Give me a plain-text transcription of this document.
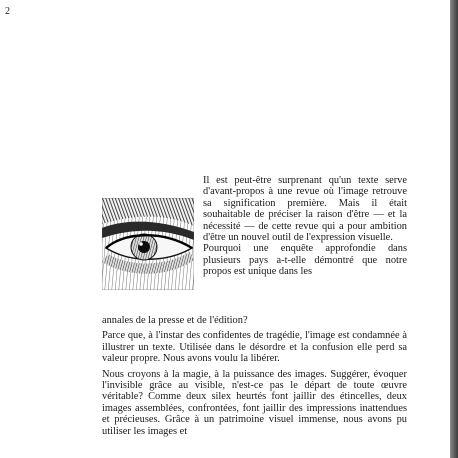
2

Il est peut-être surprenant qu'un texte serve d'avant-propos à une revue où l'image retrouve sa signification première. Mais il était souhaitable de préciser la raison d'être — et la nécessité — de cette revue qui a pour ambition d'être un nouvel outil de l'expression visuelle.

Pourquoi une enquête approfondie dans plusieurs pays a-t-elle démontré que notre propos est unique dans les

annales de la presse et de l'édition?

Parce que, à l'instar des confidentes de tragédie, l'image est condamnée à illustrer un texte. Utilisée dans le désordre et la confusion elle perd sa valeur propre. Nous avons voulu la libérer.

Nous croyons à la magie, à la puissance des images. Suggérer, évoquer l'invisible grâce au visible, n'est-ce pas le départ de toute œuvre véritable? Comme deux silex heurtés font jaillir des étincelles, deux images assemblées, confrontées, font jaillir des impressions inattendues et précieuses. Grâce à un patrimoine visuel immense, nous avons pu utiliser les images et
